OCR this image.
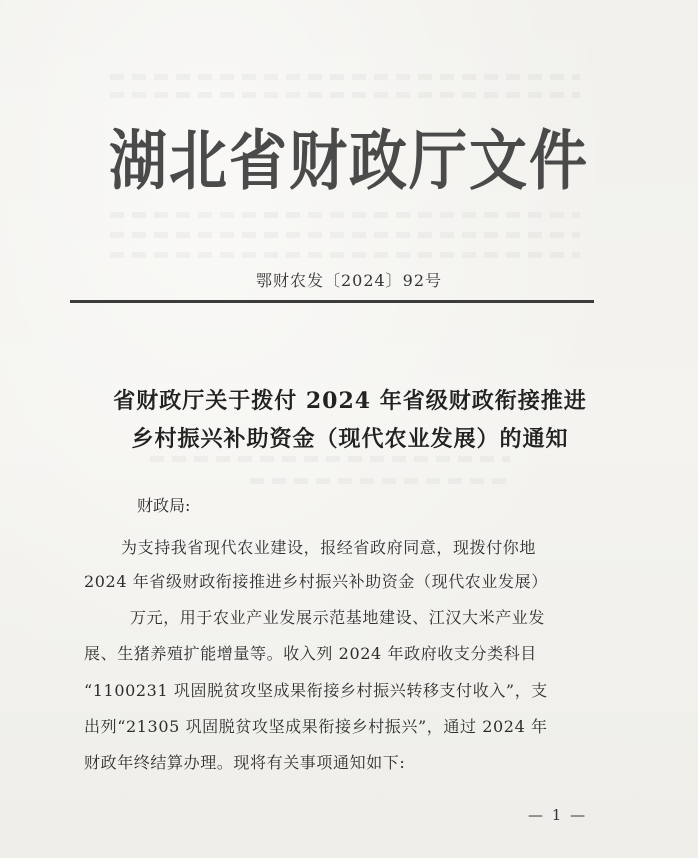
湖北省财政厅文件
鄂财农发〔2024〕92号
省财政厅关于拨付 2024 年省级财政衔接推进
乡村振兴补助资金（现代农业发展）的通知
财政局:
为支持我省现代农业建设，报经省政府同意，现拨付你地
2024 年省级财政衔接推进乡村振兴补助资金（现代农业发展）
万元，用于农业产业发展示范基地建设、江汉大米产业发
展、生猪养殖扩能增量等。收入列 2024 年政府收支分类科目
“1100231 巩固脱贫攻坚成果衔接乡村振兴转移支付收入”，支
出列“21305 巩固脱贫攻坚成果衔接乡村振兴”，通过 2024 年
财政年终结算办理。现将有关事项通知如下:
— 1 —
